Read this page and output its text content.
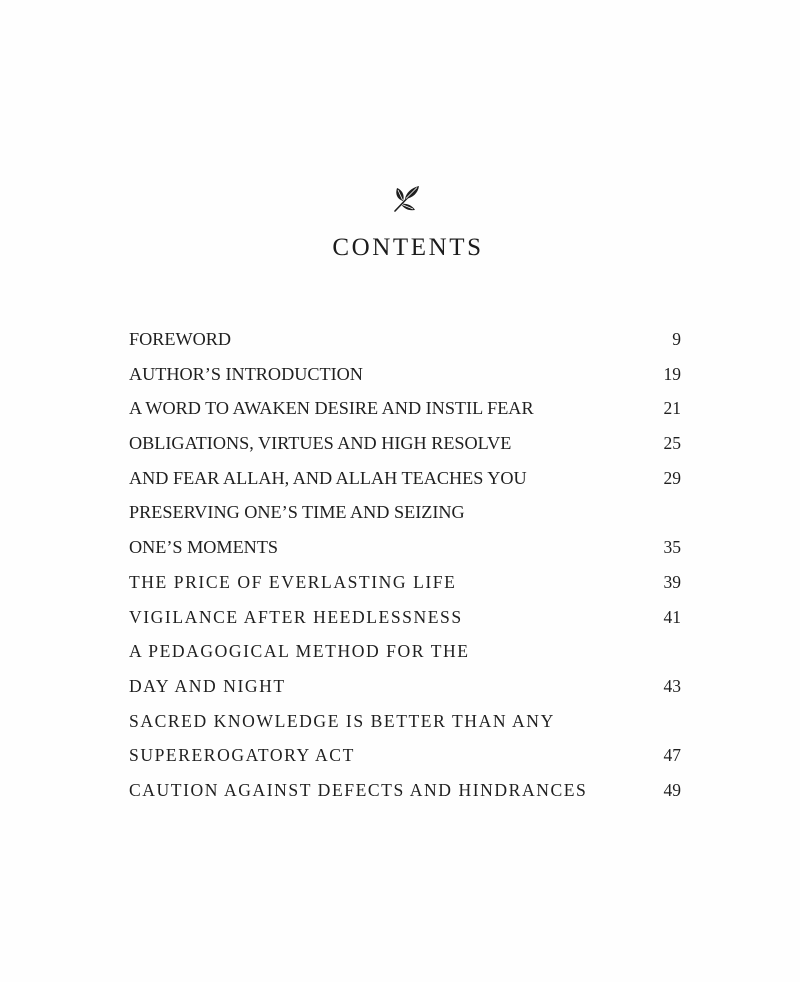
CONTENTS
FOREWORD	9
AUTHOR’S INTRODUCTION	19
A WORD TO AWAKEN DESIRE AND INSTIL FEAR	21
OBLIGATIONS, VIRTUES AND HIGH RESOLVE	25
AND FEAR ALLAH, AND ALLAH TEACHES YOU	29
PRESERVING ONE’S TIME AND SEIZING
ONE’S MOMENTS	35
THE PRICE OF EVERLASTING LIFE	39
VIGILANCE AFTER HEEDLESSNESS	41
A PEDAGOGICAL METHOD FOR THE
DAY AND NIGHT	43
SACRED KNOWLEDGE IS BETTER THAN ANY
SUPEREROGATORY ACT	47
CAUTION AGAINST DEFECTS AND HINDRANCES	49
